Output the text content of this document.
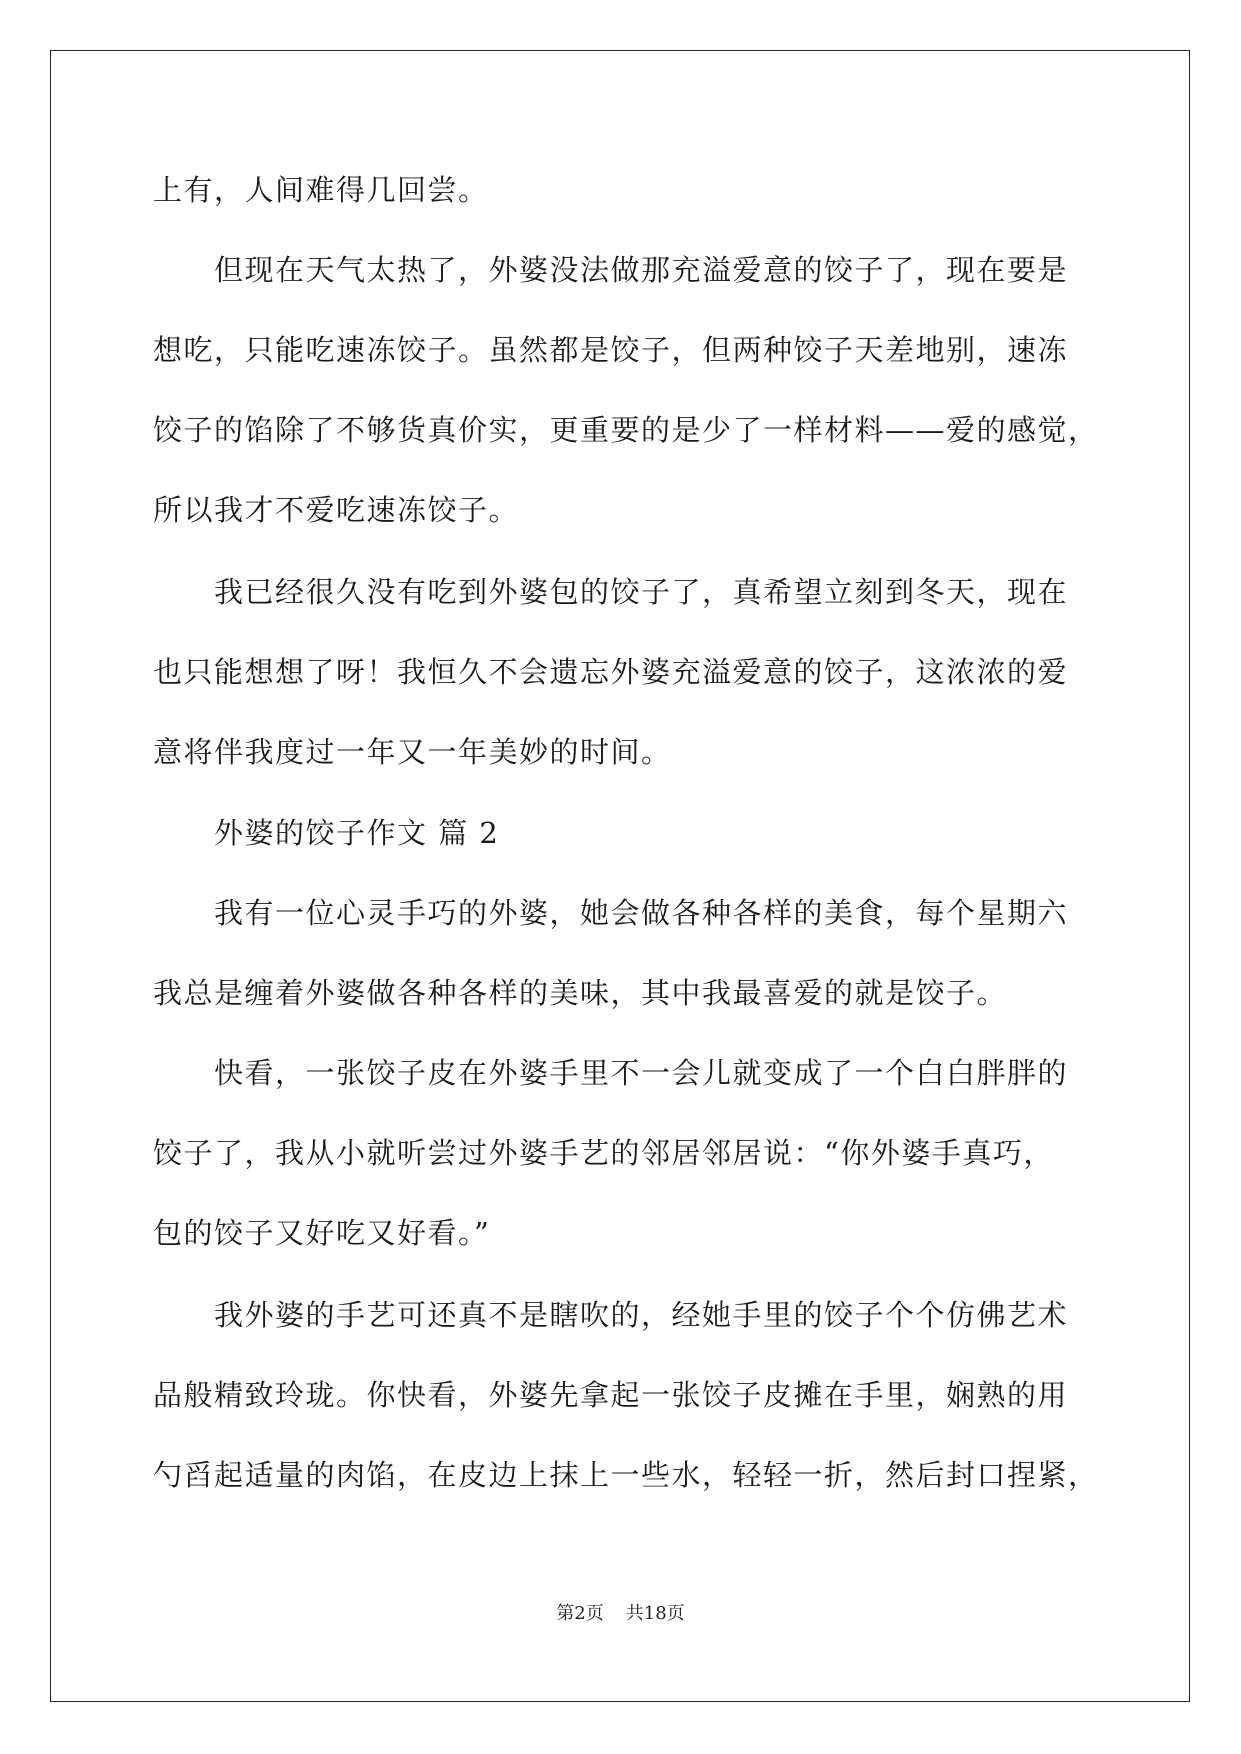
上有，人间难得几回尝。
但现在天气太热了，外婆没法做那充溢爱意的饺子了，现在要是
想吃，只能吃速冻饺子。虽然都是饺子，但两种饺子天差地别，速冻
饺子的馅除了不够货真价实，更重要的是少了一样材料——爱的感觉，
所以我才不爱吃速冻饺子。
我已经很久没有吃到外婆包的饺子了，真希望立刻到冬天，现在
也只能想想了呀！我恒久不会遗忘外婆充溢爱意的饺子，这浓浓的爱
意将伴我度过一年又一年美妙的时间。
外婆的饺子作文 篇 2
我有一位心灵手巧的外婆，她会做各种各样的美食，每个星期六
我总是缠着外婆做各种各样的美味，其中我最喜爱的就是饺子。
快看，一张饺子皮在外婆手里不一会儿就变成了一个白白胖胖的
饺子了，我从小就听尝过外婆手艺的邻居邻居说：“你外婆手真巧，
包的饺子又好吃又好看。”
我外婆的手艺可还真不是瞎吹的，经她手里的饺子个个仿佛艺术
品般精致玲珑。你快看，外婆先拿起一张饺子皮摊在手里，娴熟的用
勺舀起适量的肉馅，在皮边上抹上一些水，轻轻一折，然后封口捏紧，
第2页 共18页
